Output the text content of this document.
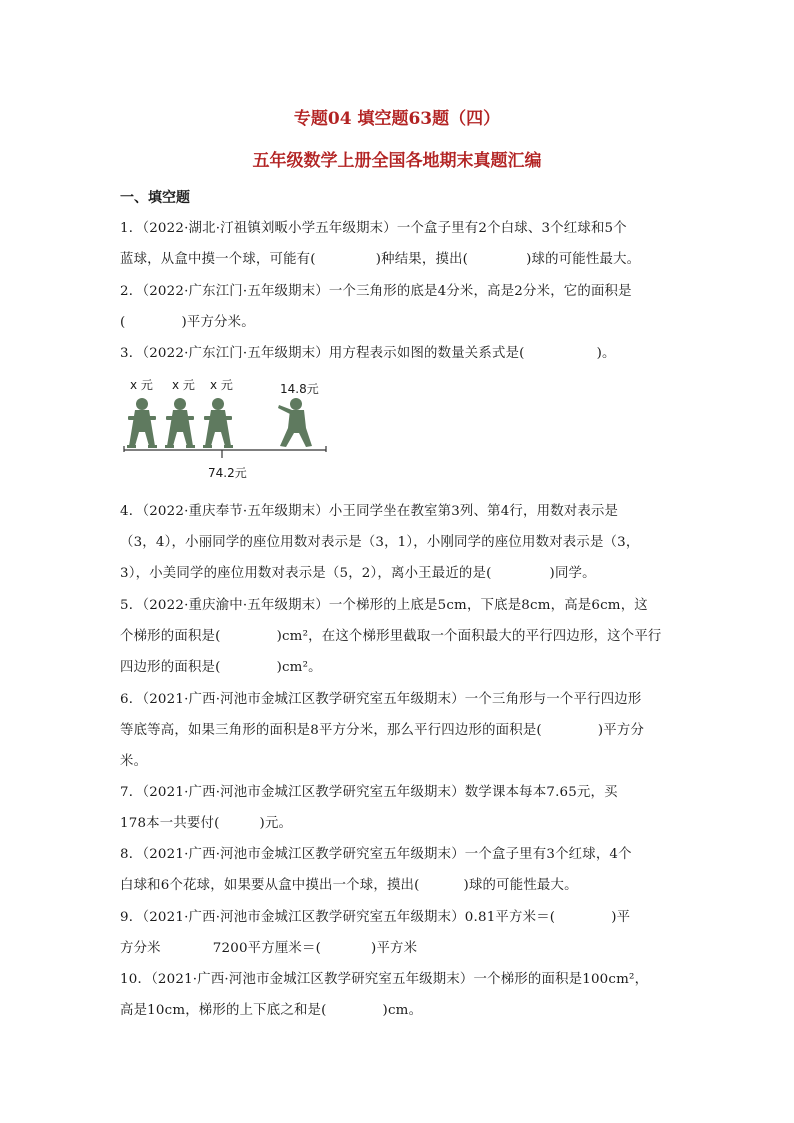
专题04 填空题63题（四）
五年级数学上册全国各地期末真题汇编
一、填空题
1．（2022·湖北·汀祖镇刘畈小学五年级期末）一个盒子里有2个白球、3个红球和5个
蓝球，从盒中摸一个球，可能有(	)种结果，摸出(	)球的可能性最大。
2．（2022·广东江门·五年级期末）一个三角形的底是4分米，高是2分米，它的面积是
(	)平方分米。
3．（2022·广东江门·五年级期末）用方程表示如图的数量关系式是(	)。
x 元 x 元 x 元	14.8元
74.2元
4．（2022·重庆奉节·五年级期末）小王同学坐在教室第3列、第4行，用数对表示是
（3，4），小丽同学的座位用数对表示是（3，1），小刚同学的座位用数对表示是（3，
3），小美同学的座位用数对表示是（5，2），离小王最近的是(	)同学。
5．（2022·重庆渝中·五年级期末）一个梯形的上底是5cm，下底是8cm，高是6cm，这
个梯形的面积是(	)cm²，在这个梯形里截取一个面积最大的平行四边形，这个平行
四边形的面积是(	)cm²。
6．（2021·广西·河池市金城江区教学研究室五年级期末）一个三角形与一个平行四边形
等底等高，如果三角形的面积是8平方分米，那么平行四边形的面积是(	)平方分
米。
7．（2021·广西·河池市金城江区教学研究室五年级期末）数学课本每本7.65元，买
178本一共要付(	)元。
8．（2021·广西·河池市金城江区教学研究室五年级期末）一个盒子里有3个红球，4个
白球和6个花球，如果要从盒中摸出一个球，摸出(	)球的可能性最大。
9．（2021·广西·河池市金城江区教学研究室五年级期末）0.81平方米＝(	)平
方分米	7200平方厘米＝(	)平方米
10．（2021·广西·河池市金城江区教学研究室五年级期末）一个梯形的面积是100cm²，
高是10cm，梯形的上下底之和是(	)cm。
